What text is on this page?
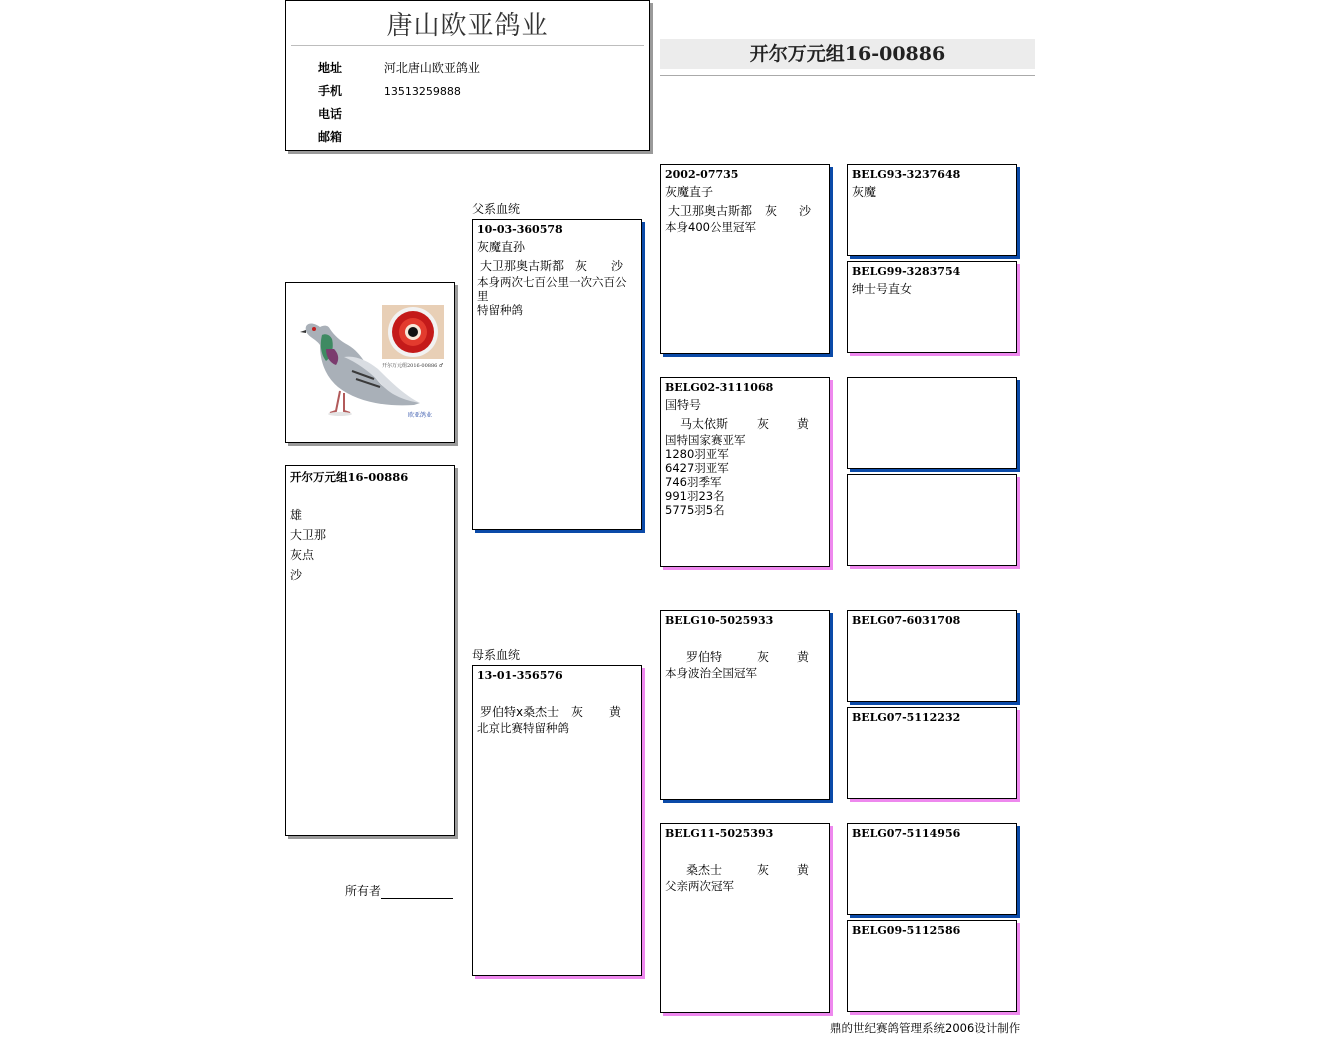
唐山欧亚鸽业
地址	河北唐山欧亚鸽业
手机	13513259888
电话
邮箱
开尔万元组16-00886
开尔万元组2016-00886 ♂
欧亚鸽业
开尔万元组16-00886
雄
大卫那
灰点
沙
所有者
父系血统
母系血统
10-03-360578
灰魔直孙
大卫那奥古斯都 灰	沙
本身两次七百公里一次六百公
里
特留种鸽
13-01-356576
罗伯特x桑杰士 灰	黄
北京比赛特留种鸽
2002-07735
灰魔直子
大卫那奥古斯都	灰	沙
本身400公里冠军
BELG02-3111068
国特号
马太依斯	灰	黄
国特国家赛亚军
1280羽亚军
6427羽亚军
746羽季军
991羽23名
5775羽5名
BELG10-5025933
罗伯特	灰	黄
本身波治全国冠军
BELG11-5025393
桑杰士	灰	黄
父亲两次冠军
BELG93-3237648
灰魔
BELG99-3283754
绅士号直女
BELG07-6031708
BELG07-5112232
BELG07-5114956
BELG09-5112586
鼎的世纪赛鸽管理系统2006设计制作
